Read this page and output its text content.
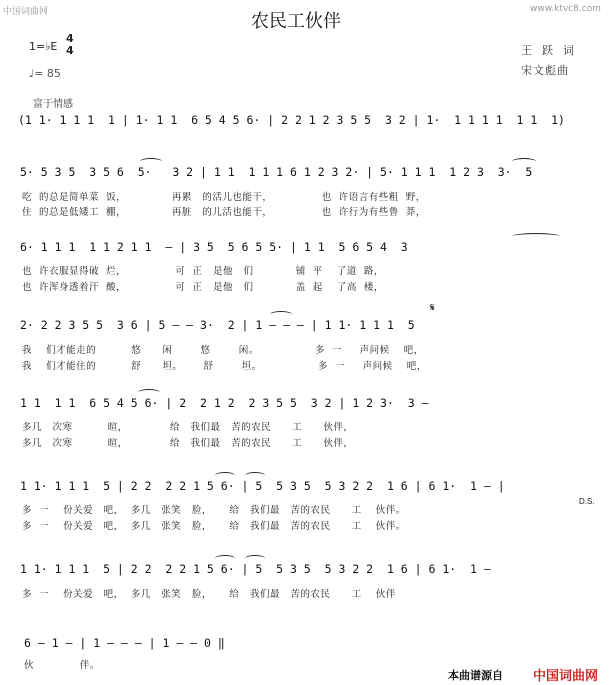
中国词曲网	www.ktvc8.com
农民工伙伴
1=♭E
4
4
♩= 85
王  跃  词
宋文彪曲
富于情感
(1 1· 1 1 1  1 | 1· 1 1  6 5 4 5 6· | 2 2 1 2 3 5 5  3 2 | 1·  1 1 1 1  1 1  1)
5· 5 3 5  3 5 6  5·   3 2 | 1 1  1 1 1 6 1 2 3 2· | 5· 1 1 1  1 2 3  3·  5
吃  的总是简单菜  饭，             再累   的活儿也能干，              也  许语言有些粗  野，
住  的总是低矮工  棚，             再脏   的儿活也能干，              也  许行为有些鲁  莽，
6· 1 1 1  1 1 2 1 1  — | 3 5  5 6 5 5· | 1 1  5 6 5 4  3
也  许衣服显得破  烂，              可  正   是他   们            铺  平    了道  路，
也  许浑身透着汗  酸，              可  正   是他   们            盖  起    了高  楼，
𝄋
2· 2 2 3 5 5  3 6 | 5 — — 3·  2 | 1 — — — | 1 1· 1 1 1  5
我    们才能走的          悠      闲        悠        闲。                多  一     声问候    吧，
我    们才能住的          舒      坦。      舒        坦。                多  一     声问候    吧，
1 1  1 1  6 5 4 5 6· | 2  2 1 2  2 3 5 5  3 2 | 1 2 3·  3 —
多几   次寒          暄，            给   我们最   苦的农民      工      伙伴，
多几   次寒          暄，            给   我们最   苦的农民      工      伙伴，
1 1· 1 1 1  5 | 2 2  2 2 1 5 6· | 5  5 3 5  5 3 2 2  1 6 | 6 1·  1 — |
D.S.
多  一    份关爱   吧，  多几   张笑   脸，     给   我们最   苦的农民      工    伙伴。
多  一    份关爱   吧，  多几   张笑   脸，     给   我们最   苦的农民      工    伙伴。
1 1· 1 1 1  5 | 2 2  2 2 1 5 6· | 5  5 3 5  5 3 2 2  1 6 | 6 1·  1 —
多  一    份关爱   吧，  多几   张笑   脸，     给   我们最   苦的农民      工    伙伴
6 — 1 — | 1 — — — | 1 — — 0 ‖
伙             伴。
本曲谱源自 中国词曲网
